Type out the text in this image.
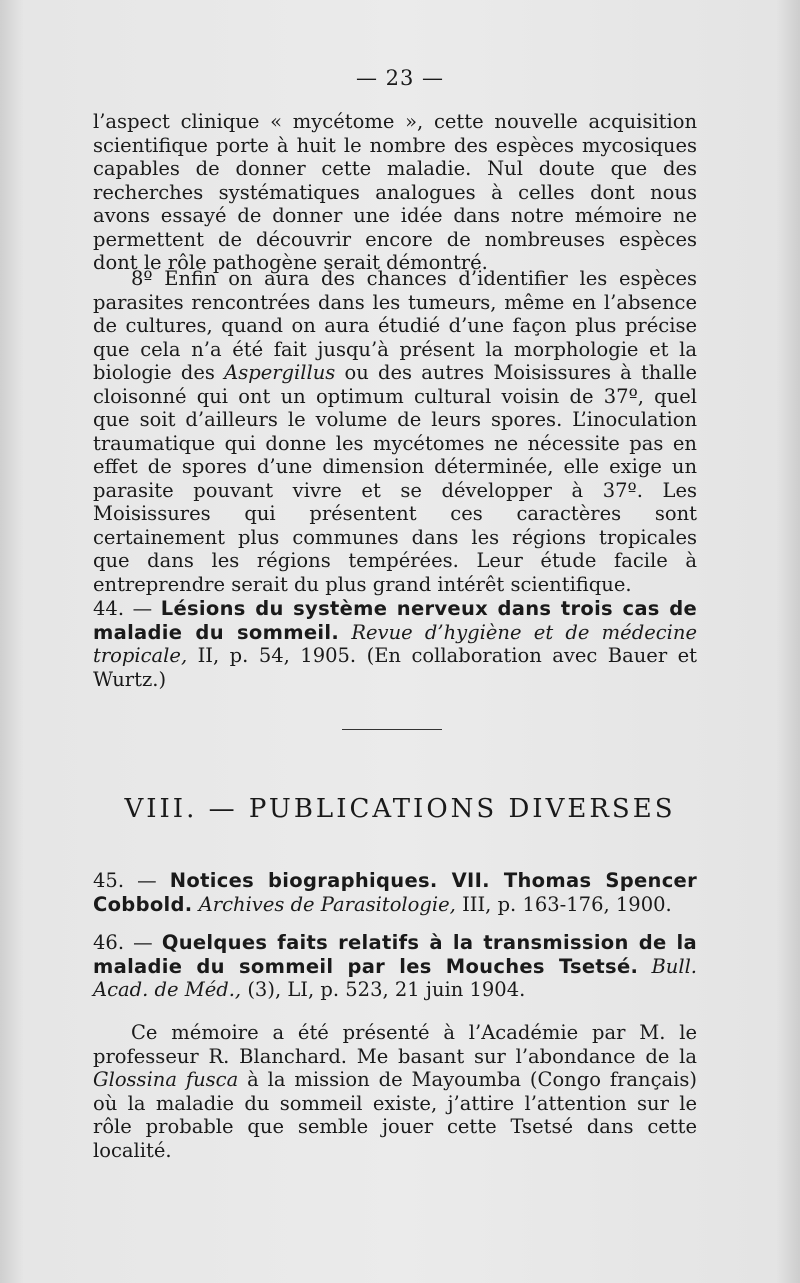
— 23 —

l’aspect clinique « mycétome », cette nouvelle acquisition scientifique porte à huit le nombre des espèces mycosiques capables de donner cette maladie. Nul doute que des recherches systématiques analogues à celles dont nous avons essayé de donner une idée dans notre mémoire ne permettent de découvrir encore de nombreuses espèces dont le rôle pathogène serait démontré.

8º Enfin on aura des chances d’identifier les espèces parasites rencontrées dans les tumeurs, même en l’absence de cultures, quand on aura étudié d’une façon plus précise que cela n’a été fait jusqu’à présent la morphologie et la biologie des Aspergillus ou des autres Moisissures à thalle cloisonné qui ont un optimum cultural voisin de 37º, quel que soit d’ailleurs le volume de leurs spores. L’inoculation traumatique qui donne les mycétomes ne nécessite pas en effet de spores d’une dimension déterminée, elle exige un parasite pouvant vivre et se développer à 37º. Les Moisissures qui présentent ces caractères sont certainement plus communes dans les régions tropicales que dans les régions tempérées. Leur étude facile à entreprendre serait du plus grand intérêt scientifique.

44. — Lésions du système nerveux dans trois cas de maladie du sommeil. Revue d’hygiène et de médecine tropicale, II, p. 54, 1905. (En collaboration avec Bauer et Wurtz.)

VIII. — PUBLICATIONS DIVERSES

45. — Notices biographiques. VII. Thomas Spencer Cobbold. Archives de Parasitologie, III, p. 163-176, 1900.

46. — Quelques faits relatifs à la transmission de la maladie du sommeil par les Mouches Tsetsé. Bull. Acad. de Méd., (3), LI, p. 523, 21 juin 1904.

Ce mémoire a été présenté à l’Académie par M. le professeur R. Blanchard. Me basant sur l’abondance de la Glossina fusca à la mission de Mayoumba (Congo français) où la maladie du sommeil existe, j’attire l’attention sur le rôle probable que semble jouer cette Tsetsé dans cette localité.
